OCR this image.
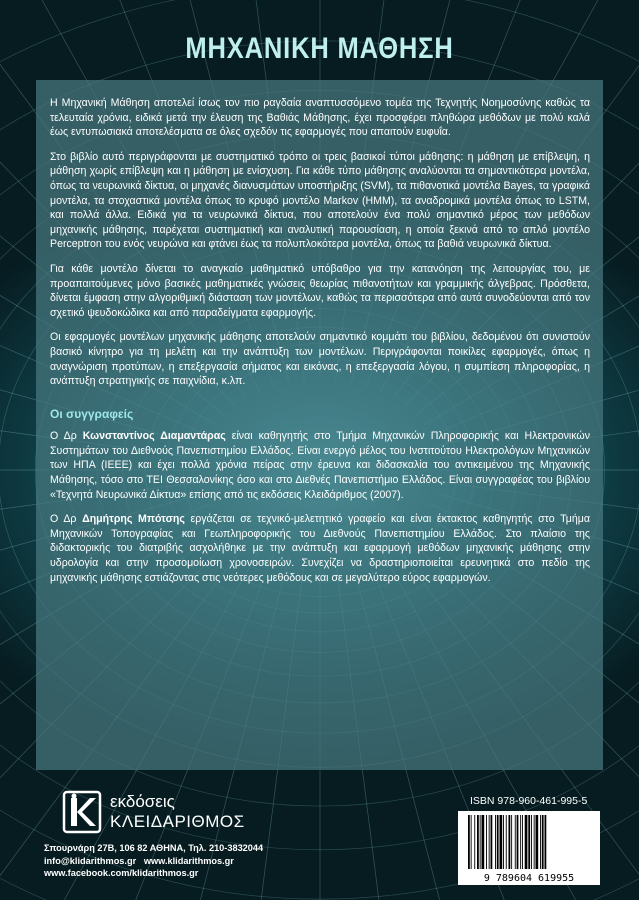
ΜΗΧΑΝΙΚΗ ΜΑΘΗΣΗ

Η Μηχανική Μάθηση αποτελεί ίσως τον πιο ραγδαία αναπτυσσόμενο τομέα της Τεχνητής Νοημοσύνης καθώς τα τελευταία χρόνια, ειδικά μετά την έλευση της Βαθιάς Μάθησης, έχει προσφέρει πληθώρα μεθόδων με πολύ καλά έως εντυπωσιακά αποτελέσματα σε όλες σχεδόν τις εφαρμογές που απαιτούν ευφυΐα.

Στο βιβλίο αυτό περιγράφονται με συστηματικό τρόπο οι τρεις βασικοί τύποι μάθησης: η μάθηση με επίβλεψη, η μάθηση χωρίς επίβλεψη και η μάθηση με ενίσχυση. Για κάθε τύπο μάθησης αναλύονται τα σημαντικότερα μοντέλα, όπως τα νευρωνικά δίκτυα, οι μηχανές διανυσμάτων υποστήριξης (SVM), τα πιθανοτικά μοντέλα Bayes, τα γραφικά μοντέλα, τα στοχαστικά μοντέλα όπως το κρυφό μοντέλο Markov (HMM), τα αναδρομικά μοντέλα όπως το LSTM, και πολλά άλλα. Ειδικά για τα νευρωνικά δίκτυα, που αποτελούν ένα πολύ σημαντικό μέρος των μεθόδων μηχανικής μάθησης, παρέχεται συστηματική και αναλυτική παρουσίαση, η οποία ξεκινά από το απλό μοντέλο Perceptron του ενός νευρώνα και φτάνει έως τα πολυπλοκότερα μοντέλα, όπως τα βαθιά νευρωνικά δίκτυα.

Για κάθε μοντέλο δίνεται το αναγκαίο μαθηματικό υπόβαθρο για την κατανόηση της λειτουργίας του, με προαπαιτούμενες μόνο βασικές μαθηματικές γνώσεις θεωρίας πιθανοτήτων και γραμμικής άλγεβρας. Πρόσθετα, δίνεται έμφαση στην αλγοριθμική διάσταση των μοντέλων, καθώς τα περισσότερα από αυτά συνοδεύονται από τον σχετικό ψευδοκώδικα και από παραδείγματα εφαρμογής.

Οι εφαρμογές μοντέλων μηχανικής μάθησης αποτελούν σημαντικό κομμάτι του βιβλίου, δεδομένου ότι συνιστούν βασικό κίνητρο για τη μελέτη και την ανάπτυξη των μοντέλων. Περιγράφονται ποικίλες εφαρμογές, όπως η αναγνώριση προτύπων, η επεξεργασία σήματος και εικόνας, η επεξεργασία λόγου, η συμπίεση πληροφορίας, η ανάπτυξη στρατηγικής σε παιχνίδια, κ.λπ.

Οι συγγραφείς

Ο Δρ Κωνσταντίνος Διαμαντάρας είναι καθηγητής στο Τμήμα Μηχανικών Πληροφορικής και Ηλεκτρονικών Συστημάτων του Διεθνούς Πανεπιστημίου Ελλάδος. Είναι ενεργό μέλος του Ινστιτούτου Ηλεκτρολόγων Μηχανικών των ΗΠΑ (IEEE) και έχει πολλά χρόνια πείρας στην έρευνα και διδασκαλία του αντικειμένου της Μηχανικής Μάθησης, τόσο στο ΤΕΙ Θεσσαλονίκης όσο και στο Διεθνές Πανεπιστήμιο Ελλάδος. Είναι συγγραφέας του βιβλίου «Τεχνητά Νευρωνικά Δίκτυα» επίσης από τις εκδόσεις Κλειδάριθμος (2007).

Ο Δρ Δημήτρης Μπότσης εργάζεται σε τεχνικό-μελετητικό γραφείο και είναι έκτακτος καθηγητής στο Τμήμα Μηχανικών Τοπογραφίας και Γεωπληροφορικής του Διεθνούς Πανεπιστημίου Ελλάδος. Στο πλαίσιο της διδακτορικής του διατριβής ασχολήθηκε με την ανάπτυξη και εφαρμογή μεθόδων μηχανικής μάθησης στην υδρολογία και στην προσομοίωση χρονοσειρών. Συνεχίζει να δραστηριοποιείται ερευνητικά στο πεδίο της μηχανικής μάθησης εστιάζοντας στις νεότερες μεθόδους και σε μεγαλύτερο εύρος εφαρμογών.

εκδόσεις
ΚΛΕΙΔΑΡΙΘΜΟΣ
Σπουρνάρη 27Β, 106 82 ΑΘΗΝΑ, Τηλ. 210-3832044
info@klidarithmos.gr www.klidarithmos.gr
www.facebook.com/klidarithmos.gr
ISBN 978-960-461-995-5
9 789604 619955
